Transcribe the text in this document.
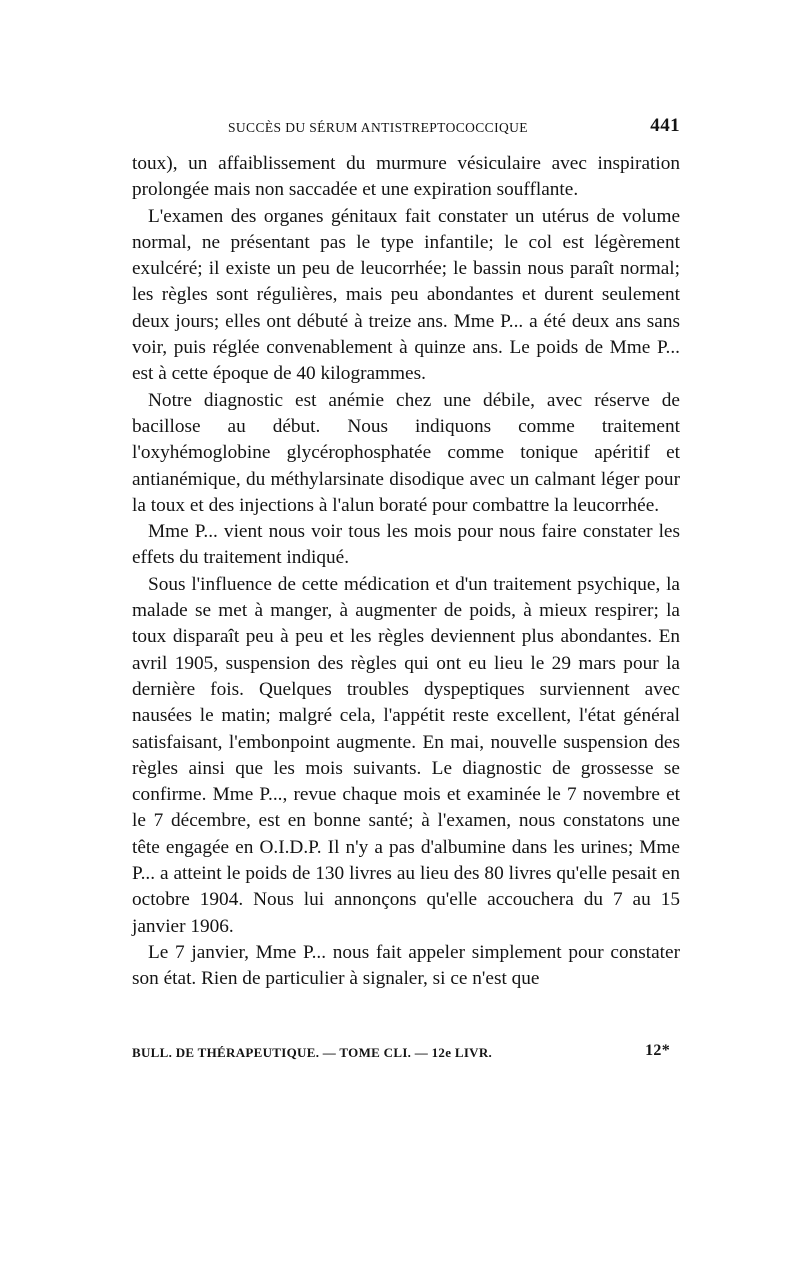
SUCCÈS DU SÉRUM ANTISTREPTOCOCCIQUE	441

toux), un affaiblissement du murmure vésiculaire avec inspiration prolongée mais non saccadée et une expiration soufflante.

L'examen des organes génitaux fait constater un utérus de volume normal, ne présentant pas le type infantile; le col est légèrement exulcéré; il existe un peu de leucorrhée; le bassin nous paraît normal; les règles sont régulières, mais peu abondantes et durent seulement deux jours; elles ont débuté à treize ans. Mme P... a été deux ans sans voir, puis réglée convenablement à quinze ans. Le poids de Mme P... est à cette époque de 40 kilogrammes.

Notre diagnostic est anémie chez une débile, avec réserve de bacillose au début. Nous indiquons comme traitement l'oxyhémoglobine glycérophosphatée comme tonique apéritif et antianémique, du méthylarsinate disodique avec un calmant léger pour la toux et des injections à l'alun boraté pour combattre la leucorrhée.

Mme P... vient nous voir tous les mois pour nous faire constater les effets du traitement indiqué.

Sous l'influence de cette médication et d'un traitement psychique, la malade se met à manger, à augmenter de poids, à mieux respirer; la toux disparaît peu à peu et les règles deviennent plus abondantes. En avril 1905, suspension des règles qui ont eu lieu le 29 mars pour la dernière fois. Quelques troubles dyspeptiques surviennent avec nausées le matin; malgré cela, l'appétit reste excellent, l'état général satisfaisant, l'embonpoint augmente. En mai, nouvelle suspension des règles ainsi que les mois suivants. Le diagnostic de grossesse se confirme. Mme P..., revue chaque mois et examinée le 7 novembre et le 7 décembre, est en bonne santé; à l'examen, nous constatons une tête engagée en O.I.D.P. Il n'y a pas d'albumine dans les urines; Mme P... a atteint le poids de 130 livres au lieu des 80 livres qu'elle pesait en octobre 1904. Nous lui annonçons qu'elle accouchera du 7 au 15 janvier 1906.

Le 7 janvier, Mme P... nous fait appeler simplement pour constater son état. Rien de particulier à signaler, si ce n'est que

BULL. DE THÉRAPEUTIQUE. — TOME CLI. — 12e LIVR.	12*
